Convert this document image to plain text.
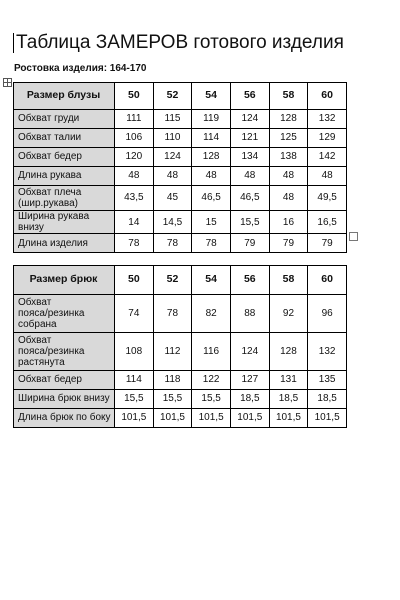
Таблица ЗАМЕРОВ готового изделия
Ростовка изделия: 164-170
Размер блузы	50	52	54	56	58	60
Обхват груди	111	115	119	124	128	132
Обхват талии	106	110	114	121	125	129
Обхват бедер	120	124	128	134	138	142
Длина рукава	48	48	48	48	48	48
Обхват плеча
(шир.рукава)	43,5	45	46,5	46,5	48	49,5
Ширина рукава внизу	14	14,5	15	15,5	16	16,5
Длина изделия	78	78	78	79	79	79
Размер брюк	50	52	54	56	58	60
Обхват
пояса/резинка
собрана	74	78	82	88	92	96
Обхват
пояса/резинка
растянута	108	112	116	124	128	132
Обхват бедер	114	118	122	127	131	135
Ширина брюк внизу	15,5	15,5	15,5	18,5	18,5	18,5
Длина брюк по боку	101,5	101,5	101,5	101,5	101,5	101,5
